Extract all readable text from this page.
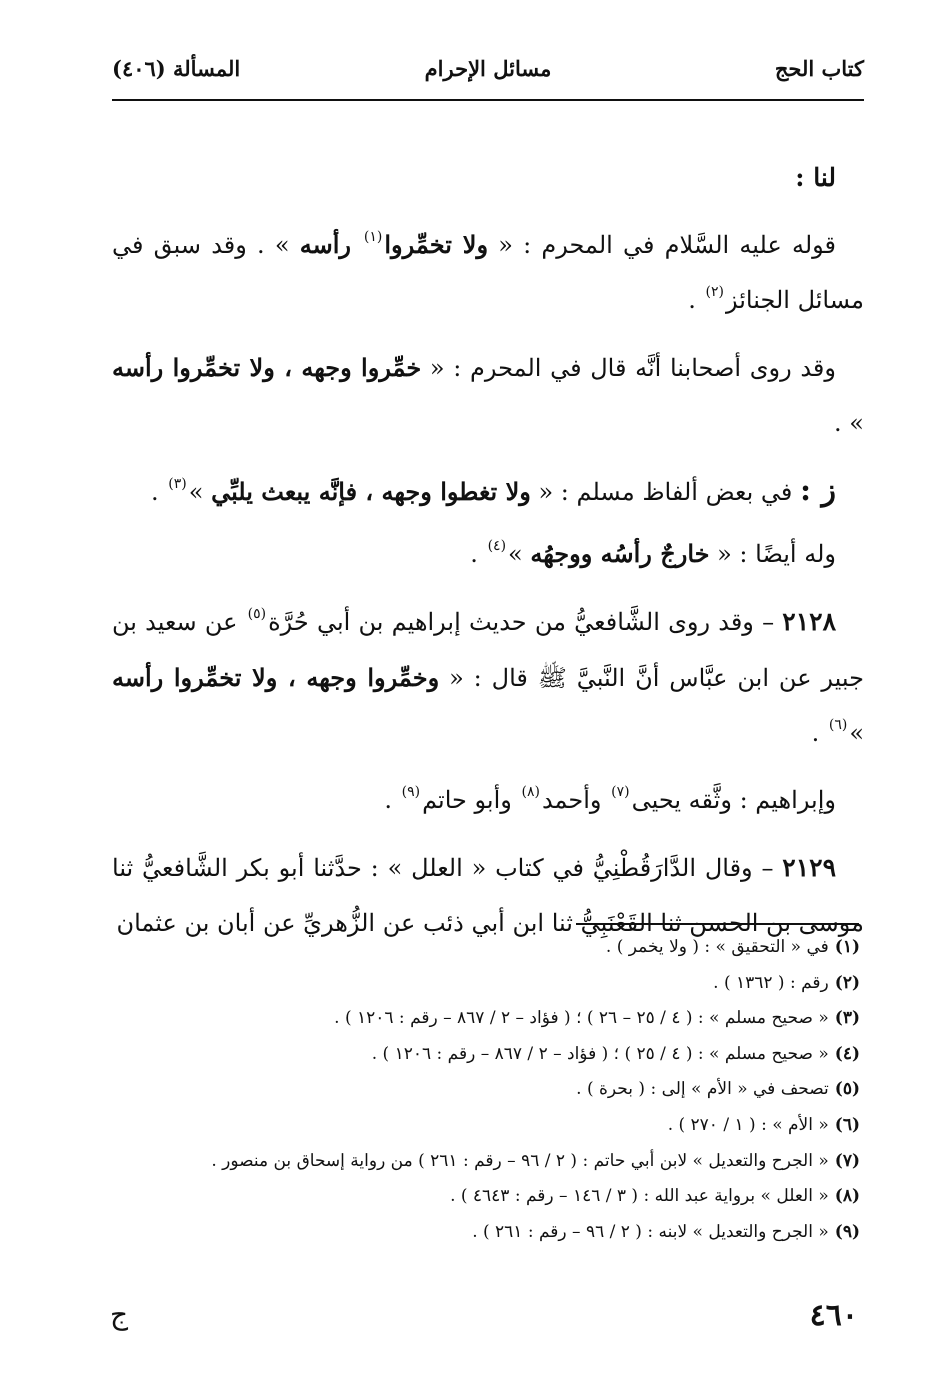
كتاب الحج
مسائل الإحرام
المسألة (٤٠٦)

لنا :

قوله عليه السَّلام في المحرم : « ولا تخمِّروا$^{(١)}$ رأسه » . وقد سبق في مسائل الجنائز$^{(٢)}$ .

وقد روى أصحابنا أنَّه قال في المحرم : « خمِّروا وجهه ، ولا تخمِّروا رأسه » .

ز : في بعض ألفاظ مسلم : « ولا تغطوا وجهه ، فإنَّه يبعث يلبِّي »$^{(٣)}$ .

وله أيضًا : « خارجٌ رأسُه ووجهُه »$^{(٤)}$ .

٢١٢٨ – وقد روى الشَّافعيُّ من حديث إبراهيم بن أبي حُرَّة$^{(٥)}$ عن سعيد بن جبير عن ابن عبَّاس أنَّ النَّبيَّ ﷺ قال : « وخمِّروا وجهه ، ولا تخمِّروا رأسه »$^{(٦)}$ .

وإبراهيم : وثَّقه يحيى$^{(٧)}$ وأحمد$^{(٨)}$ وأبو حاتم$^{(٩)}$ .

٢١٢٩ – وقال الدَّارَقُطْنِيُّ في كتاب « العلل » : حدَّثنا أبو بكر الشَّافعيُّ ثنا موسى بن الحسن ثنا القَعْنَبِيُّ ثنا ابن أبي ذئب عن الزُّهريِّ عن أبان بن عثمان

(١)في « التحقيق » : ( ولا يخمر ) .
(٢)رقم : ( ١٣٦٢ ) .
(٣)« صحيح مسلم » : ( ٤ / ٢٥ – ٢٦ ) ؛ ( فؤاد – ٢ / ٨٦٧ – رقم : ١٢٠٦ ) .
(٤)« صحيح مسلم » : ( ٤ / ٢٥ ) ؛ ( فؤاد – ٢ / ٨٦٧ – رقم : ١٢٠٦ ) .
(٥)تصحف في « الأم » إلى : ( بحرة ) .
(٦)« الأم » : ( ١ / ٢٧٠ ) .
(٧)« الجرح والتعديل » لابن أبي حاتم : ( ٢ / ٩٦ – رقم : ٢٦١ ) من رواية إسحاق بن منصور .
(٨)« العلل » برواية عبد الله : ( ٣ / ١٤٦ – رقم : ٤٦٤٣ ) .
(٩)« الجرح والتعديل » لابنه : ( ٢ / ٩٦ – رقم : ٢٦١ ) .
٤٦٠
ج
